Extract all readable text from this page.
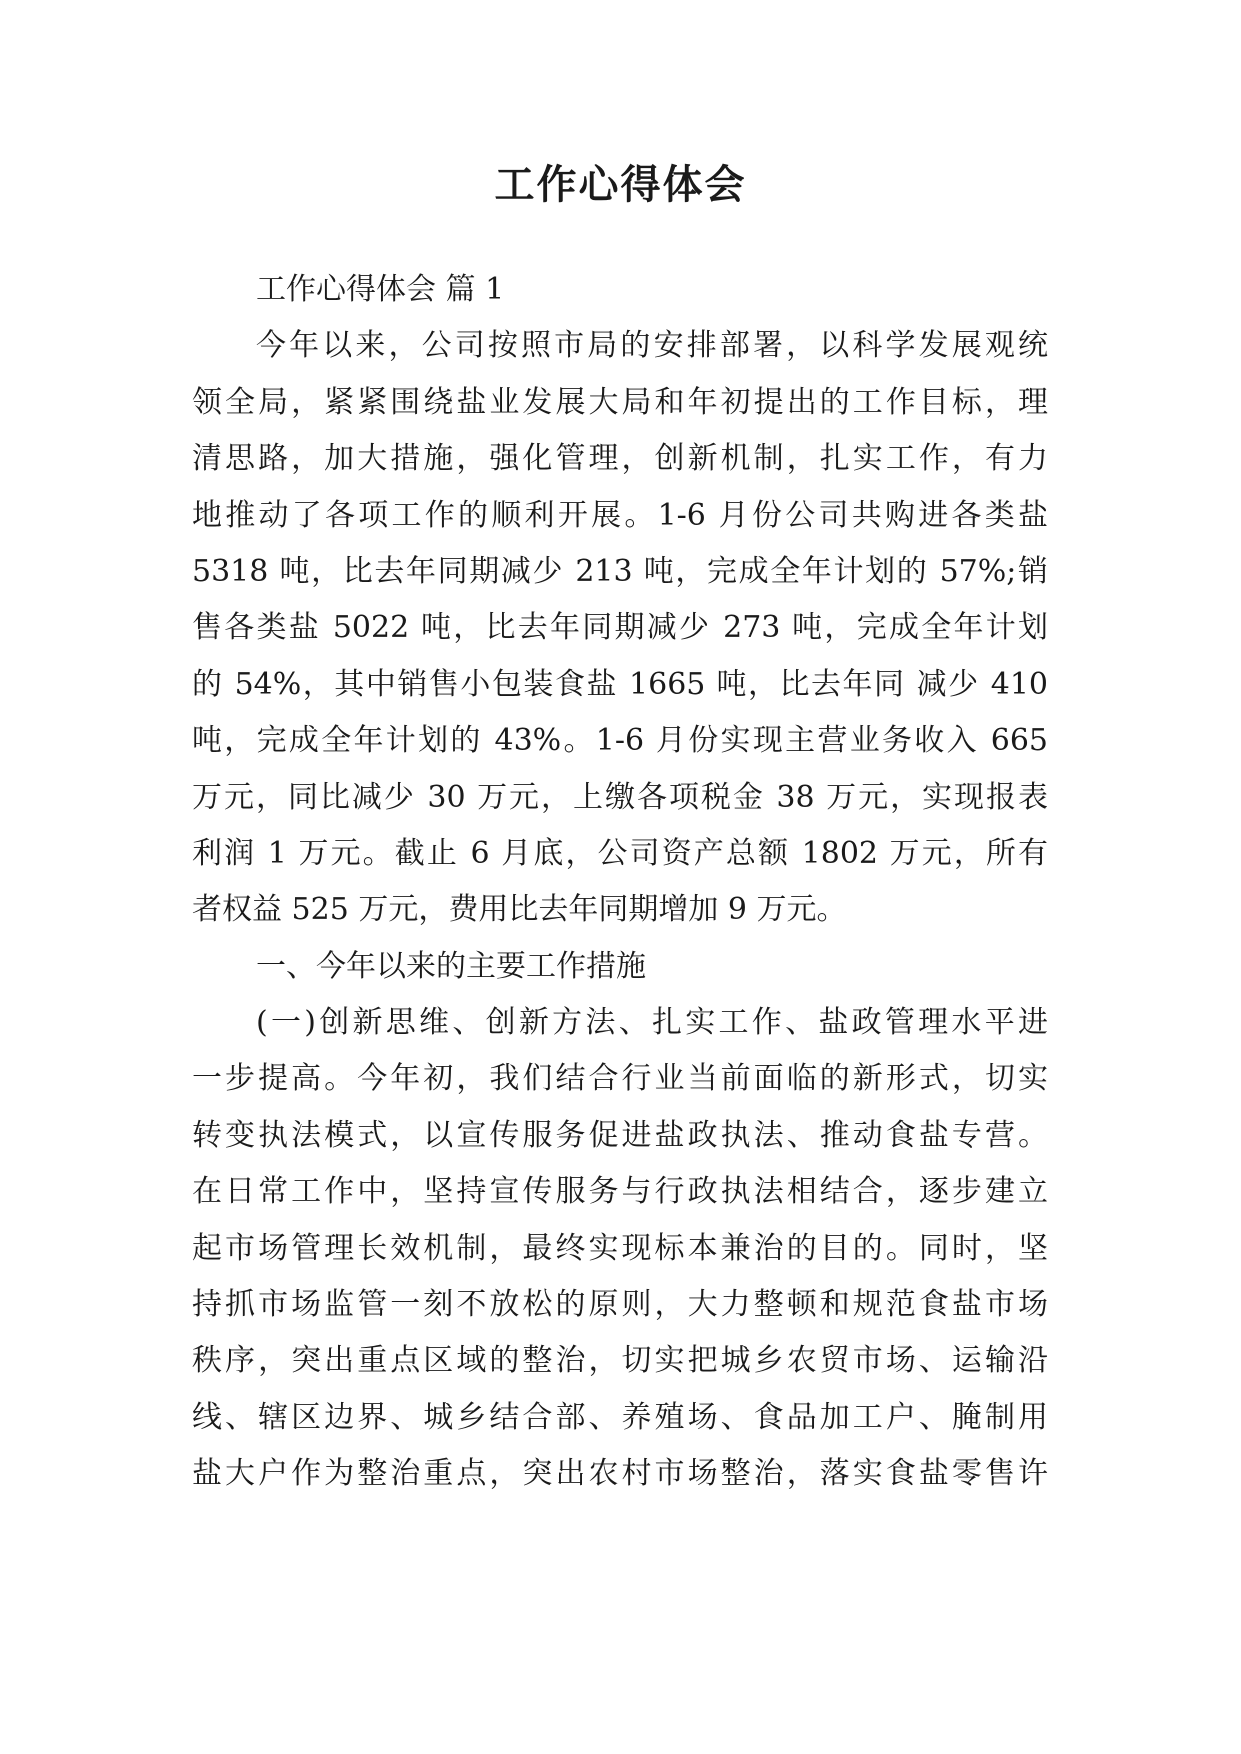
工作心得体会
工作心得体会 篇 1
今年以来，公司按照市局的安排部署，以科学发展观统
领全局，紧紧围绕盐业发展大局和年初提出的工作目标，理
清思路，加大措施，强化管理，创新机制，扎实工作，有力
地推动了各项工作的顺利开展。1-6 月份公司共购进各类盐
5318 吨，比去年同期减少 213 吨，完成全年计划的 57%;销
售各类盐 5022 吨，比去年同期减少 273 吨，完成全年计划
的 54%，其中销售小包装食盐 1665 吨，比去年同 减少 410
吨，完成全年计划的 43%。1-6 月份实现主营业务收入 665
万元，同比减少 30 万元，上缴各项税金 38 万元，实现报表
利润 1 万元。截止 6 月底，公司资产总额 1802 万元，所有
者权益 525 万元，费用比去年同期增加 9 万元。
一、今年以来的主要工作措施
(一)创新思维、创新方法、扎实工作、盐政管理水平进
一步提高。今年初，我们结合行业当前面临的新形式，切实
转变执法模式，以宣传服务促进盐政执法、推动食盐专营。
在日常工作中，坚持宣传服务与行政执法相结合，逐步建立
起市场管理长效机制，最终实现标本兼治的目的。同时，坚
持抓市场监管一刻不放松的原则，大力整顿和规范食盐市场
秩序，突出重点区域的整治，切实把城乡农贸市场、运输沿
线、辖区边界、城乡结合部、养殖场、食品加工户、腌制用
盐大户作为整治重点，突出农村市场整治，落实食盐零售许
